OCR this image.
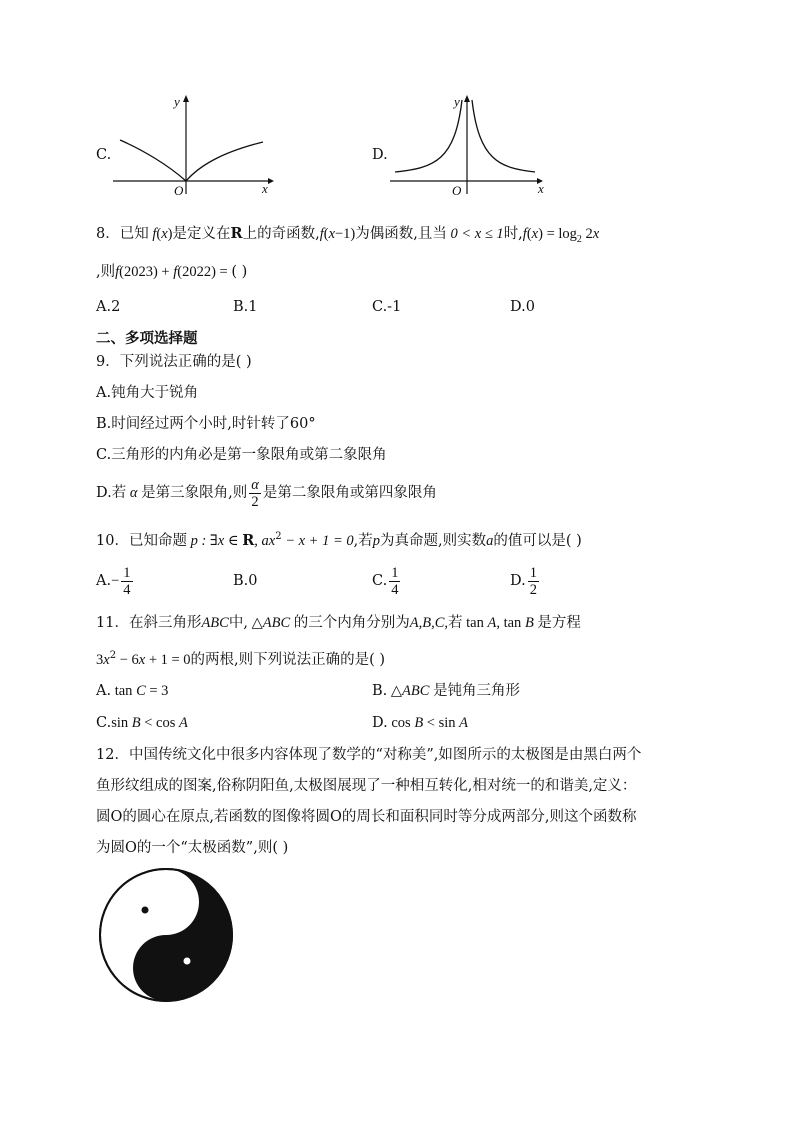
C.
y
O	x
D.
y
O	x
8．已知 f(x)是定义在R上的奇函数,f(x−1)为偶函数,且当 0 < x ≤ 1时$,f(x) = \log_2 2x$
,则f(2023) + f(2022) = ( )
A.2	B.1	C.-1	D.0
二、多项选择题
9．下列说法正确的是( )
A.钝角大于锐角
B.时间经过两个小时,时针转了60°
C.三角形的内角必是第一象限角或第二象限角
D.若 α 是第三象限角,则 $\frac{\alpha}{2}$ 是第二象限角或第四象限角
10．已知命题 p : ∃x ∈ R, $ax^2 - x + 1 = 0$,若p为真命题,则实数a的值可以是( )
$A.- \frac{1}{4}$	B.0	C. $\frac{1}{4}$	D. $\frac{1}{2}$
11．在斜三角形ABC中, △ABC 的三个内角分别为A,B,C,若 tan A, tan B 是方程
$3x^2 - 6x + 1 = 0$的两根,则下列说法正确的是( )
A. tan C = 3	B. △ABC 是钝角三角形
C.sin B < cos A	D. cos B < sin A
12．中国传统文化中很多内容体现了数学的“对称美”,如图所示的太极图是由黑白两个
鱼形纹组成的图案,俗称阴阳鱼,太极图展现了一种相互转化,相对统一的和谐美,定义：
圆O的圆心在原点,若函数的图像将圆O的周长和面积同时等分成两部分,则这个函数称
为圆O的一个“太极函数”,则( )
